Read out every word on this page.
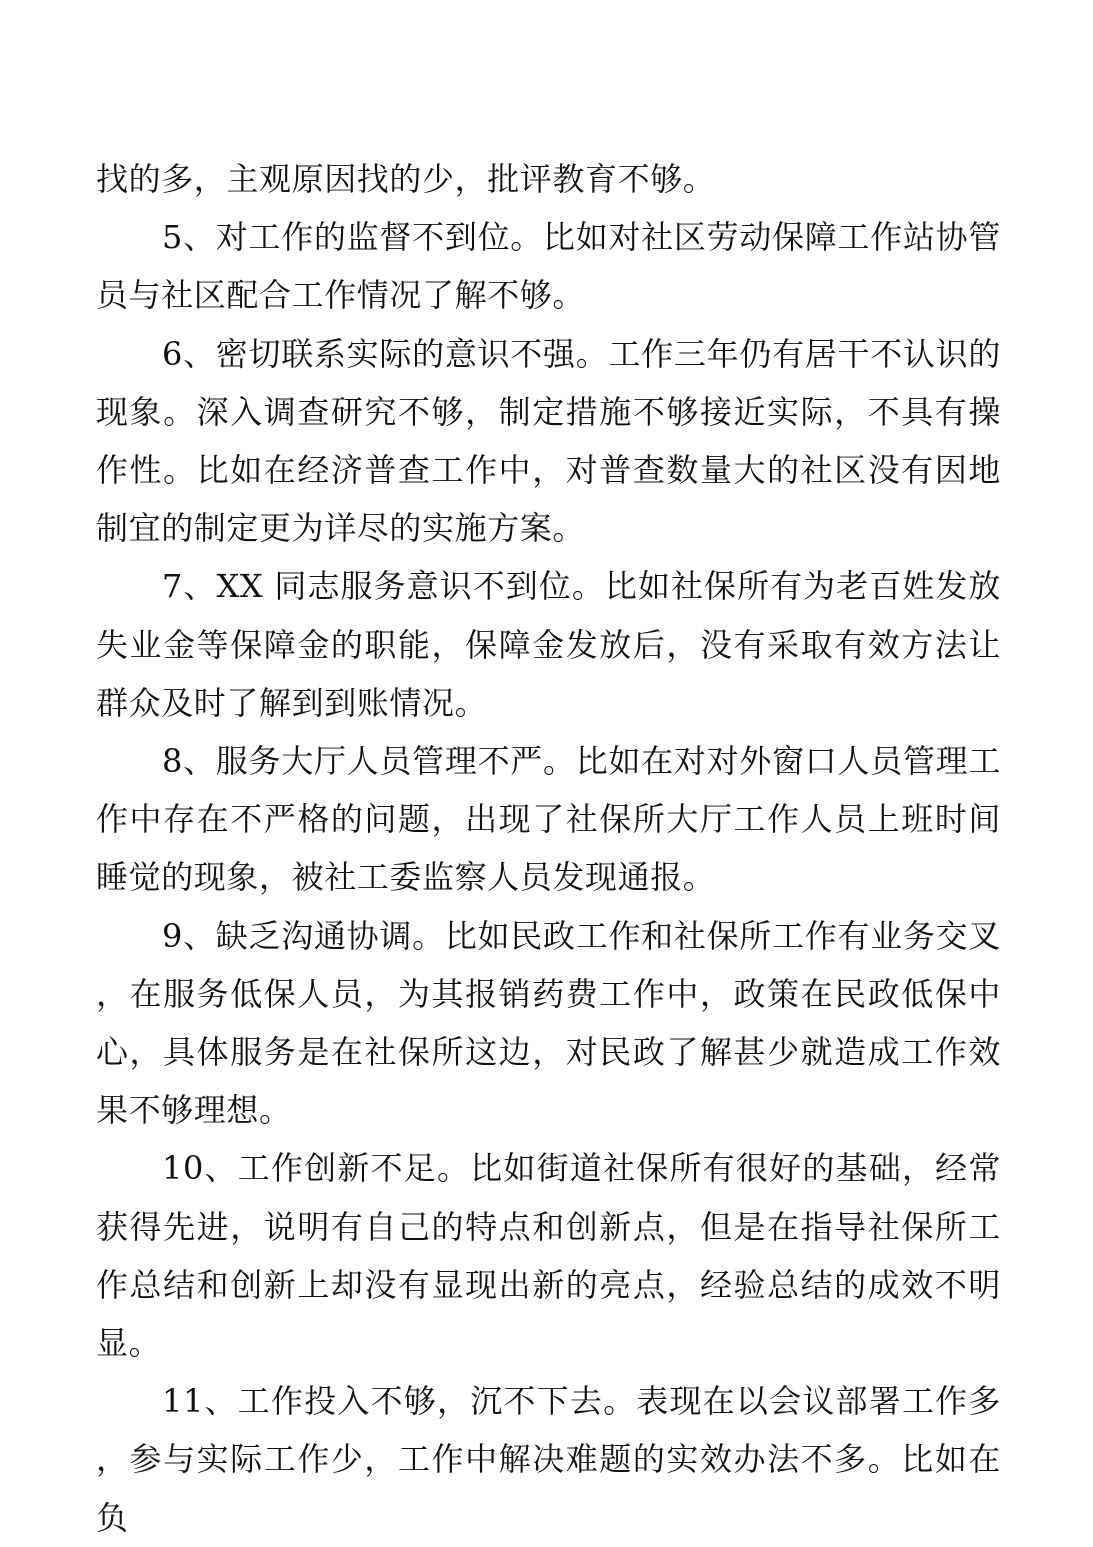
找的多，主观原因找的少，批评教育不够。

5、对工作的监督不到位。比如对社区劳动保障工作站协管员与社区配合工作情况了解不够。

6、密切联系实际的意识不强。工作三年仍有居干不认识的现象。深入调查研究不够，制定措施不够接近实际，不具有操作性。比如在经济普查工作中，对普查数量大的社区没有因地制宜的制定更为详尽的实施方案。

7、XX 同志服务意识不到位。比如社保所有为老百姓发放失业金等保障金的职能，保障金发放后，没有采取有效方法让群众及时了解到到账情况。

8、服务大厅人员管理不严。比如在对对外窗口人员管理工作中存在不严格的问题，出现了社保所大厅工作人员上班时间睡觉的现象，被社工委监察人员发现通报。

9、缺乏沟通协调。比如民政工作和社保所工作有业务交叉，在服务低保人员，为其报销药费工作中，政策在民政低保中心，具体服务是在社保所这边，对民政了解甚少就造成工作效果不够理想。

10、工作创新不足。比如街道社保所有很好的基础，经常获得先进，说明有自己的特点和创新点，但是在指导社保所工作总结和创新上却没有显现出新的亮点，经验总结的成效不明显。

11、工作投入不够，沉不下去。表现在以会议部署工作多，参与实际工作少，工作中解决难题的实效办法不多。比如在负
